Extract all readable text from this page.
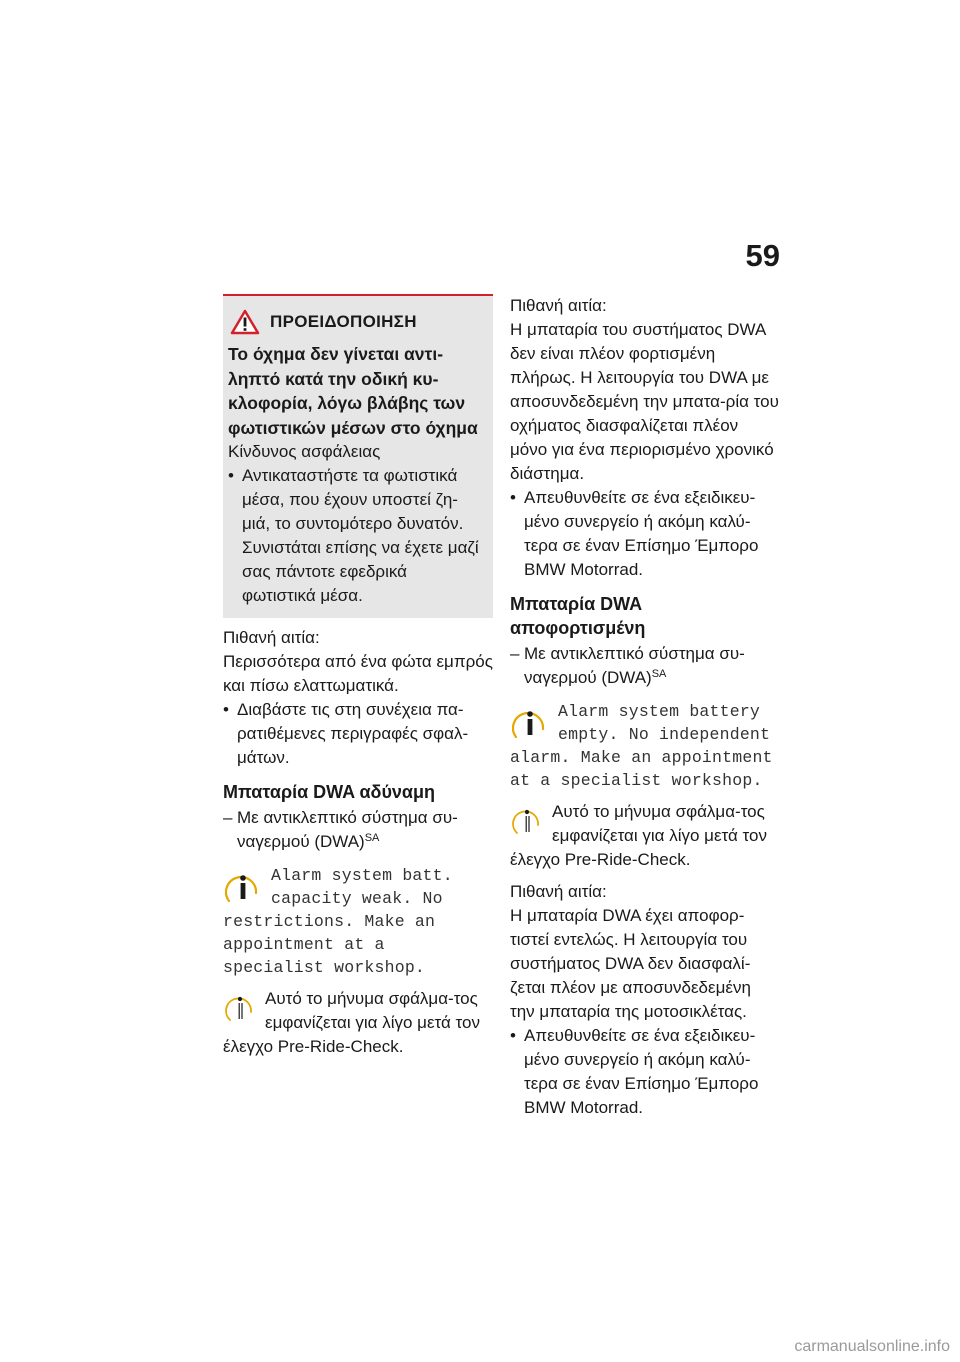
59
ΠΡΟΕΙΔΟΠΟΙΗΣΗ

Το όχημα δεν γίνεται αντι-ληπτό κατά την οδική κυ-κλοφορία, λόγω βλάβης των φωτιστικών μέσων στο όχημα

Κίνδυνος ασφάλειας

• Αντικαταστήστε τα φωτιστικά μέσα, που έχουν υποστεί ζη-μιά, το συντομότερο δυνατόν. Συνιστάται επίσης να έχετε μαζί σας πάντοτε εφεδρικά φωτιστικά μέσα.

Πιθανή αιτία:

Περισσότερα από ένα φώτα εμπρός και πίσω ελαττωματικά.

• Διαβάστε τις στη συνέχεια πα-ρατιθέμενες περιγραφές σφαλ-μάτων.

Μπαταρία DWA αδύναμη

– Με αντικλεπτικό σύστημα συ-ναγερμού (DWA)$^{SA}$

Alarm system batt. capacity weak. No restrictions. Make an appointment at a specialist workshop.

Αυτό το μήνυμα σφάλμα-τος εμφανίζεται για λίγο μετά τον έλεγχο Pre-Ride-Check.

Πιθανή αιτία:

Η μπαταρία του συστήματος DWA δεν είναι πλέον φορτισμένη πλήρως. Η λειτουργία του DWA με αποσυνδεδεμένη την μπατα-ρία του οχήματος διασφαλίζεται πλέον μόνο για ένα περιορισμένο χρονικό διάστημα.

• Απευθυνθείτε σε ένα εξειδικευ-μένο συνεργείο ή ακόμη καλύ-τερα σε έναν Επίσημο Έμπορο BMW Motorrad.

Μπαταρία DWA αποφορτισμένη

– Με αντικλεπτικό σύστημα συ-ναγερμού (DWA)$^{SA}$

Alarm system battery empty. No independent alarm. Make an appointment at a specialist workshop.

Αυτό το μήνυμα σφάλμα-τος εμφανίζεται για λίγο μετά τον έλεγχο Pre-Ride-Check.

Πιθανή αιτία:

Η μπαταρία DWA έχει αποφορ-τιστεί εντελώς. Η λειτουργία του συστήματος DWA δεν διασφαλί-ζεται πλέον με αποσυνδεδεμένη την μπαταρία της μοτοσικλέτας.

• Απευθυνθείτε σε ένα εξειδικευ-μένο συνεργείο ή ακόμη καλύ-τερα σε έναν Επίσημο Έμπορο BMW Motorrad.
carmanualsonline.info
